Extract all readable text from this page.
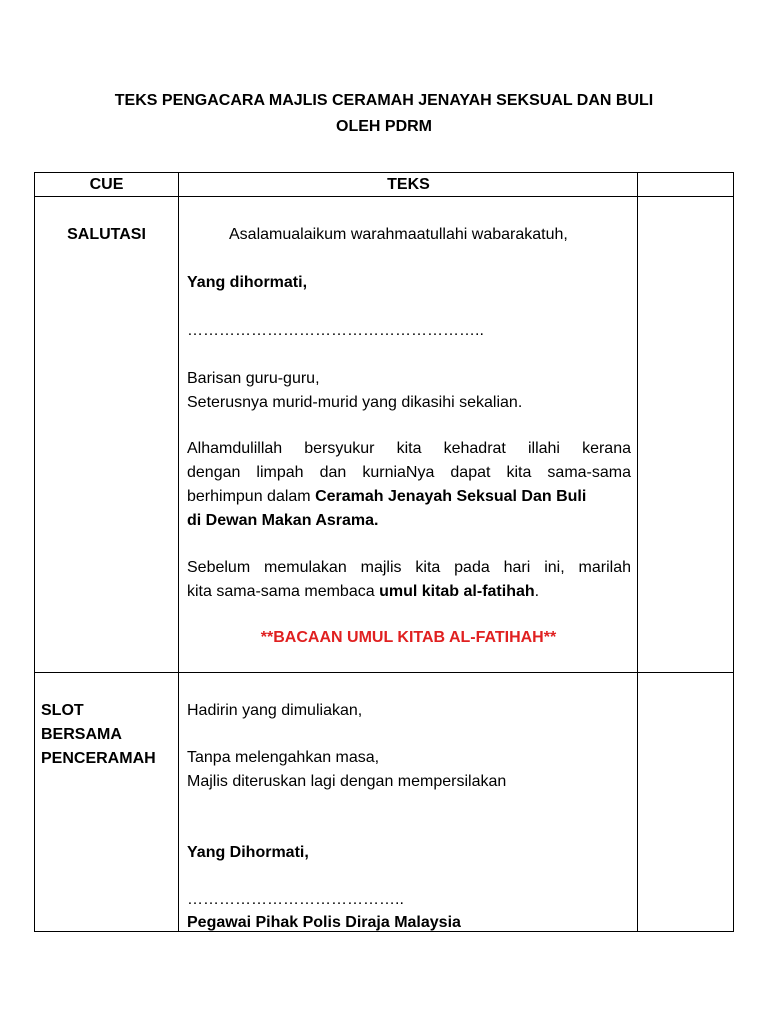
TEKS PENGACARA MAJLIS CERAMAH JENAYAH SEKSUAL DAN BULI
OLEH PDRM
CUE	TEKS
SALUTASI	Asalamualaikum warahmaatullahi wabarakatuh,
Yang dihormati,
………………………………………………..
Barisan guru-guru,
Seterusnya murid-murid yang dikasihi sekalian.
Alhamdulillah bersyukur kita kehadrat illahi kerana
dengan limpah dan kurniaNya dapat kita sama-sama
berhimpun dalam Ceramah Jenayah Seksual Dan Buli
di Dewan Makan Asrama.
Sebelum memulakan majlis kita pada hari ini, marilah
kita sama-sama membaca umul kitab al-fatihah.
**BACAAN UMUL KITAB AL-FATIHAH**
SLOT
BERSAMA
PENCERAMAH
Hadirin yang dimuliakan,
Tanpa melengahkan masa,
Majlis diteruskan lagi dengan mempersilakan
Yang Dihormati,
…………………………………..
Pegawai Pihak Polis Diraja Malaysia
